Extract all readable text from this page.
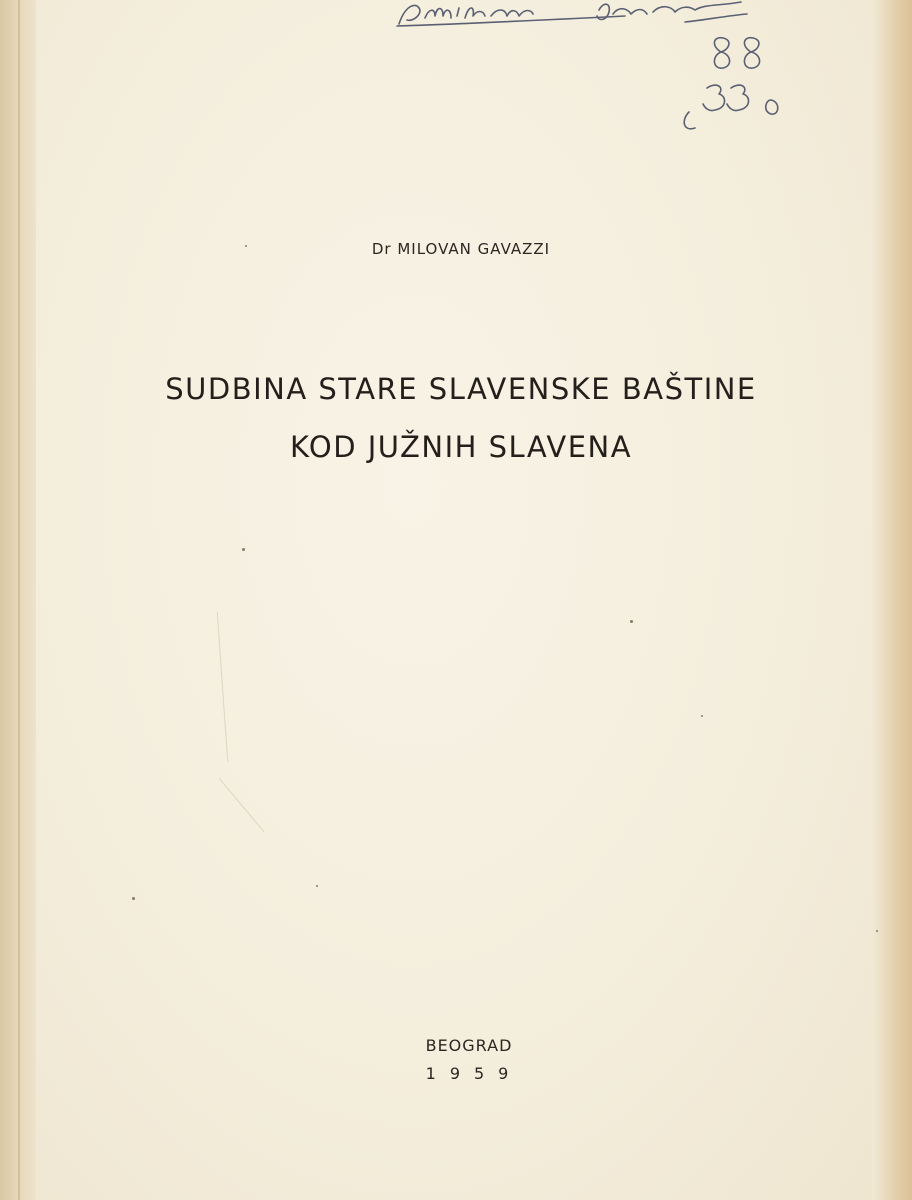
Dr MILOVAN GAVAZZI
SUDBINA STARE SLAVENSKE BAŠTINE
KOD JUŽNIH SLAVENA
BEOGRAD
1959
